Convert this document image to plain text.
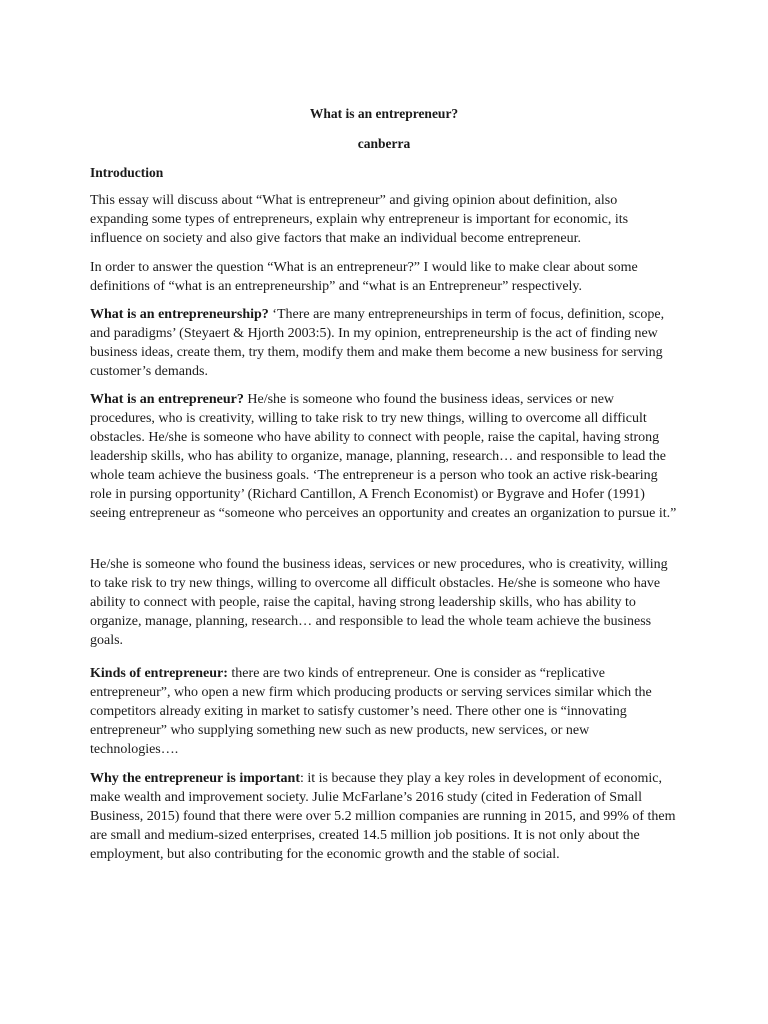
What is an entrepreneur?

canberra

Introduction

This essay will discuss about “What is entrepreneur” and giving opinion about definition, also expanding some types of entrepreneurs, explain why entrepreneur is important for economic, its influence on society and also give factors that make an individual become entrepreneur.

In order to answer the question “What is an entrepreneur?” I would like to make clear about some definitions of “what is an entrepreneurship” and “what is an Entrepreneur” respectively.

What is an entrepreneurship? ‘There are many entrepreneurships in term of focus, definition, scope, and paradigms’ (Steyaert & Hjorth 2003:5). In my opinion, entrepreneurship is the act of finding new business ideas, create them, try them, modify them and make them become a new business for serving customer’s demands.

What is an entrepreneur? He/she is someone who found the business ideas, services or new procedures, who is creativity, willing to take risk to try new things, willing to overcome all difficult obstacles. He/she is someone who have ability to connect with people, raise the capital, having strong leadership skills, who has ability to organize, manage, planning, research… and responsible to lead the whole team achieve the business goals. ‘The entrepreneur is a person who took an active risk-bearing role in pursing opportunity’ (Richard Cantillon, A French Economist) or Bygrave and Hofer (1991) seeing entrepreneur as “someone who perceives an opportunity and creates an organization to pursue it.”

He/she is someone who found the business ideas, services or new procedures, who is creativity, willing to take risk to try new things, willing to overcome all difficult obstacles. He/she is someone who have ability to connect with people, raise the capital, having strong leadership skills, who has ability to organize, manage, planning, research… and responsible to lead the whole team achieve the business goals.

Kinds of entrepreneur: there are two kinds of entrepreneur. One is consider as “replicative entrepreneur”, who open a new firm which producing products or serving services similar which the competitors already exiting in market to satisfy customer’s need. There other one is “innovating entrepreneur” who supplying something new such as new products, new services, or new technologies….

Why the entrepreneur is important: it is because they play a key roles in development of economic, make wealth and improvement society. Julie McFarlane’s 2016 study (cited in Federation of Small Business, 2015) found that there were over 5.2 million companies are running in 2015, and 99% of them are small and medium-sized enterprises, created 14.5 million job positions. It is not only about the employment, but also contributing for the economic growth and the stable of social.
